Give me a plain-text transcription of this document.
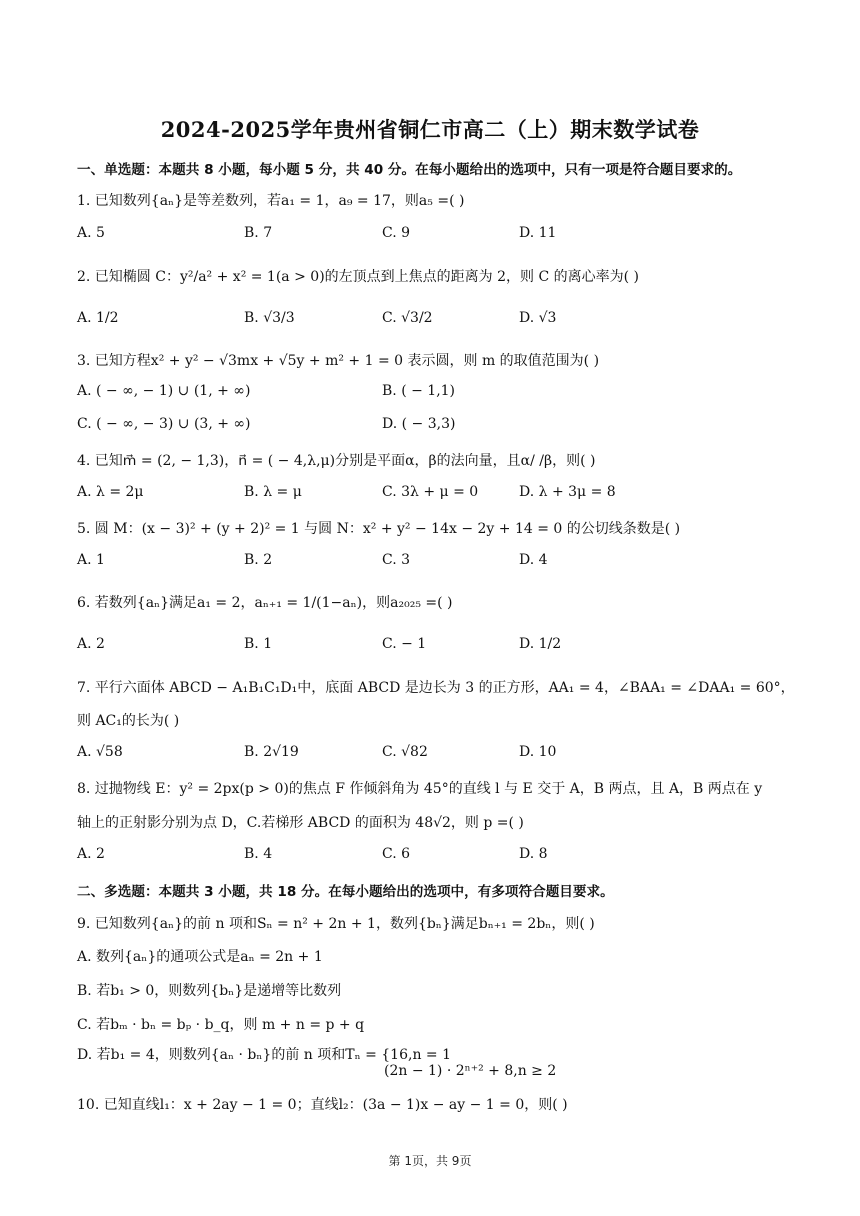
2024-2025学年贵州省铜仁市高二（上）期末数学试卷
一、单选题：本题共 8 小题，每小题 5 分，共 40 分。在每小题给出的选项中，只有一项是符合题目要求的。
1. 已知数列{aₙ}是等差数列，若a₁ = 1，a₉ = 17，则a₅ =( )
A. 5	B. 7	C. 9	D. 11
2. 已知椭圆 C：y²/a² + x² = 1(a > 0)的左顶点到上焦点的距离为 2，则 C 的离心率为( )
A. 1/2	B. √3/3	C. √3/2	D. √3
3. 已知方程x² + y² − √3mx + √5y + m² + 1 = 0 表示圆，则 m 的取值范围为( )
A. ( − ∞, − 1) ∪ (1, + ∞)	B. ( − 1,1)
C. ( − ∞, − 3) ∪ (3, + ∞)	D. ( − 3,3)
4. 已知m⃗ = (2, − 1,3)，n⃗ = ( − 4,λ,μ)分别是平面α，β的法向量，且α/ /β，则( )
A. λ = 2μ	B. λ = μ	C. 3λ + μ = 0	D. λ + 3μ = 8
5. 圆 M：(x − 3)² + (y + 2)² = 1 与圆 N：x² + y² − 14x − 2y + 14 = 0 的公切线条数是( )
A. 1	B. 2	C. 3	D. 4
6. 若数列{aₙ}满足a₁ = 2，aₙ₊₁ = 1/(1−aₙ)，则a₂₀₂₅ =( )
A. 2	B. 1	C. − 1	D. 1/2
7. 平行六面体 ABCD − A₁B₁C₁D₁中，底面 ABCD 是边长为 3 的正方形，AA₁ = 4，∠BAA₁ = ∠DAA₁ = 60°，
则 AC₁的长为( )
A. √58	B. 2√19	C. √82	D. 10
8. 过抛物线 E：y² = 2px(p > 0)的焦点 F 作倾斜角为 45°的直线 l 与 E 交于 A，B 两点，且 A，B 两点在 y
轴上的正射影分别为点 D，C.若梯形 ABCD 的面积为 48√2，则 p =( )
A. 2	B. 4	C. 6	D. 8
二、多选题：本题共 3 小题，共 18 分。在每小题给出的选项中，有多项符合题目要求。
9. 已知数列{aₙ}的前 n 项和Sₙ = n² + 2n + 1，数列{bₙ}满足bₙ₊₁ = 2bₙ，则( )
A. 数列{aₙ}的通项公式是aₙ = 2n + 1
B. 若b₁ > 0，则数列{bₙ}是递增等比数列
C. 若bₘ · bₙ = bₚ · b_q，则 m + n = p + q
D. 若b₁ = 4，则数列{aₙ · bₙ}的前 n 项和Tₙ = {16,n = 1
(2n − 1) · 2ⁿ⁺² + 8,n ≥ 2
10. 已知直线l₁：x + 2ay − 1 = 0；直线l₂：(3a − 1)x − ay − 1 = 0，则( )
第 1页，共 9页
